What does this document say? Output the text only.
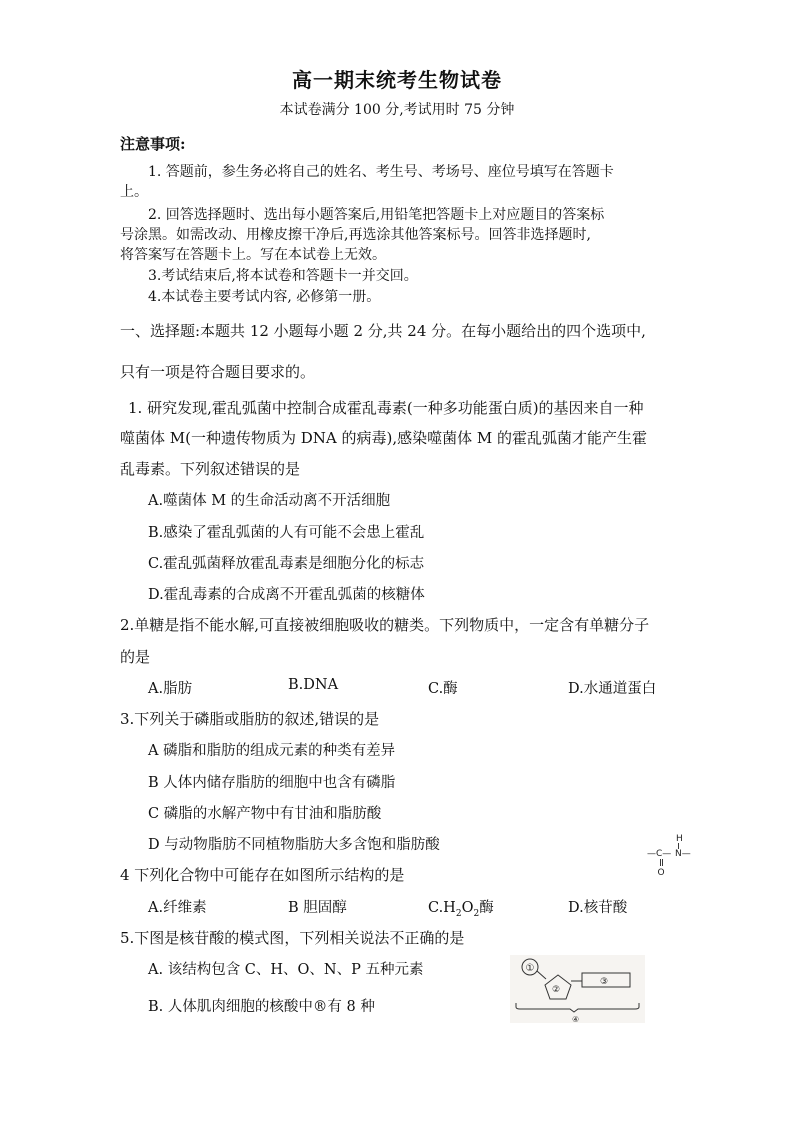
高一期末统考生物试卷
本试卷满分 100 分,考试用时 75 分钟
注意事项:
1. 答题前，参生务必将自己的姓名、考生号、考场号、座位号填写在答题卡
上。
2. 回答选择题时、选出每小题答案后,用铅笔把答题卡上对应题目的答案标
号涂黑。如需改动、用橡皮擦干净后,再选涂其他答案标号。回答非选择题时,
将答案写在答题卡上。写在本试卷上无效。
3.考试结束后,将本试卷和答题卡一并交回。
4.本试卷主要考试内容, 必修第一册。
一、选择题:本题共 12 小题每小题 2 分,共 24 分。在每小题给出的四个选项中,
只有一项是符合题目要求的。
1. 研究发现,霍乱弧菌中控制合成霍乱毒素(一种多功能蛋白质)的基因来自一种
噬菌体 M(一种遗传物质为 DNA 的病毒),感染噬菌体 M 的霍乱弧菌才能产生霍
乱毒素。下列叙述错误的是
A.噬菌体 M 的生命活动离不开活细胞
B.感染了霍乱弧菌的人有可能不会患上霍乱
C.霍乱弧菌释放霍乱毒素是细胞分化的标志
D.霍乱毒素的合成离不开霍乱弧菌的核糖体
2.单糖是指不能水解,可直接被细胞吸收的糖类。下列物质中，一定含有单糖分子
的是
A.脂肪	B.DNA	C.酶	D.水通道蛋白
3.下列关于磷脂或脂肪的叙述,错误的是
A 磷脂和脂肪的组成元素的种类有差异
B 人体内储存脂肪的细胞中也含有磷脂
C 磷脂的水解产物中有甘油和脂肪酸
D 与动物脂肪不同植物脂肪大多含饱和脂肪酸	H
—C— N—
O
4 下列化合物中可能存在如图所示结构的是
A.纤维素	B 胆固醇	$C.H_2O_2$酶	D.核苷酸
5.下图是核苷酸的模式图，下列相关说法不正确的是
A. 该结构包含 C、H、O、N、P 五种元素
B. 人体肌肉细胞的核酸中®有 8 种
①
②
③
④
